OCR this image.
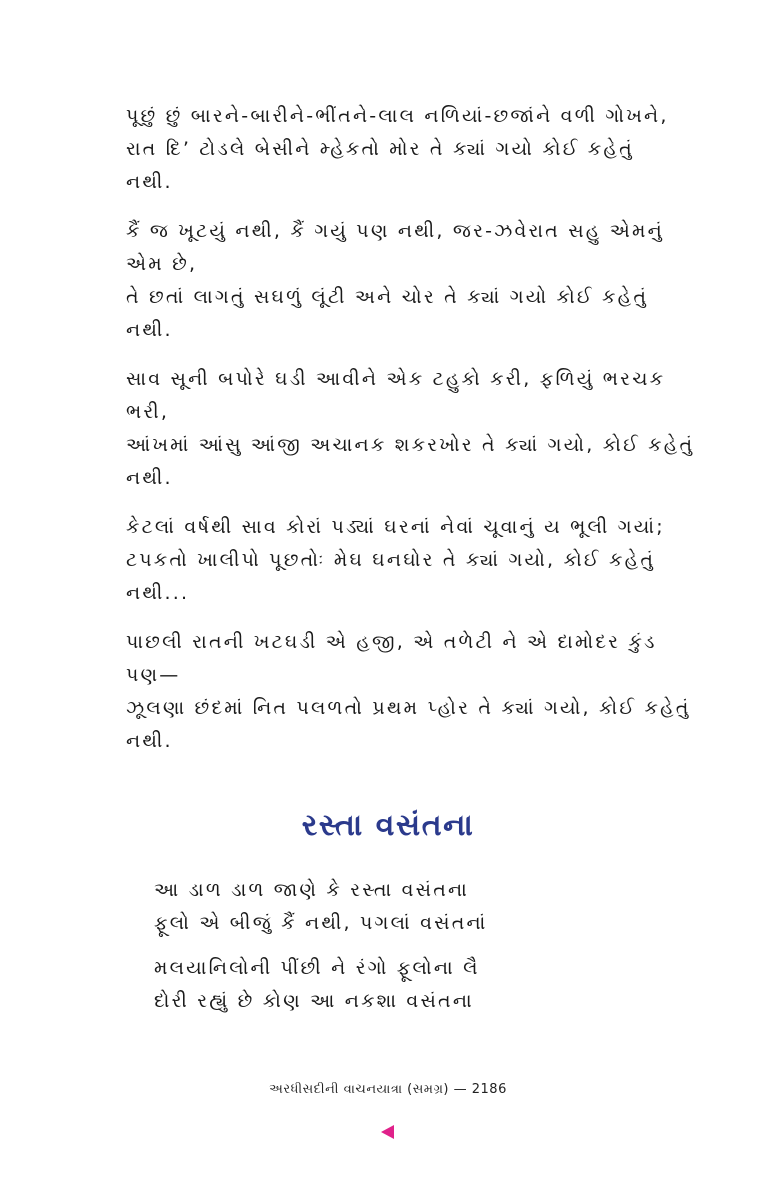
પૂછું છું બારને-બારીને-ભીંતને-લાલ નળિયાં-છજાંને વળી ગોખને,
રાત દિ’ ટોડલે બેસીને મ્હેકતો મોર તે ક્યાં ગયો કોઈ કહેતું
નથી.
કૈં જ ખૂટયું નથી, કૈં ગયું પણ નથી, જર-ઝવેરાત સહુ એમનું
એમ છે,
તે છતાં લાગતું સઘળું લૂંટી અને ચોર તે ક્યાં ગયો કોઈ કહેતું
નથી.
સાવ સૂની બપોરે ઘડી આવીને એક ટહુકો કરી, ફળિયું ભરચક
ભરી,
આંખમાં આંસુ આંજી અચાનક શકરખોર તે ક્યાં ગયો, કોઈ કહેતું
નથી.
કેટલાં વર્ષથી સાવ કોરાં પડ્યાં ઘરનાં નેવાં ચૂવાનું ય ભૂલી ગયાં;
ટપકતો ખાલીપો પૂછતોઃ મેઘ ઘનઘોર તે ક્યાં ગયો, કોઈ કહેતું
નથી...
પાછલી રાતની ખટઘડી એ હજી, એ તળેટી ને એ દામોદર કુંડ
પણ—
ઝૂલણા છંદમાં નિત પલળતો પ્રથમ પ્હોર તે ક્યાં ગયો, કોઈ કહેતું
નથી.
રસ્તા વસંતના
આ ડાળ ડાળ જાણે કે રસ્તા વસંતના
ફૂલો એ બીજું કૈં નથી, પગલાં વસંતનાં
મલયાનિલોની પીંછી ને રંગો ફૂલોના લૈ
દોરી રહ્યું છે કોણ આ નકશા વસંતના
અરધીસદીની વાચનયાત્રા (સમગ્ર) — 2186
